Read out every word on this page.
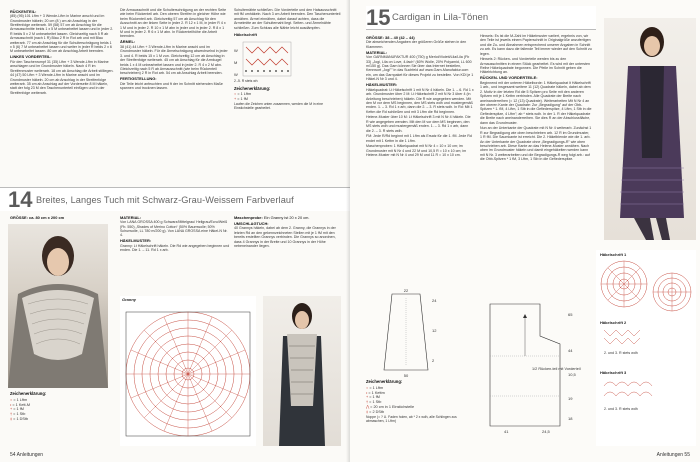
RÜCKENTEIL:

(85) (95) 101 Lftm + 3 Wende-Lftm in Marine anschl und im Grundmuster häkeln; 20 cm (8 ) cm ab Anschlag in der Streifenfolge weiterarb. 59 (58) 57 cm ab Anschlag für die Armausschnitte beids 1 x 5 M unbearbeitet lassen und in jeder 2. R beids 5 x 2 M unbearbeitet lassen. Gleichzeitig nach 5 R ab Armausschnitt (nach 1 R) Blau 2 R in Rot arb und mit Blau weiterarb. 77 cm ab Anschlag für die Schulterschrägung beids 1 x 5 (6) 7 M unbearbeitet lassen und weiter in jeder R beids 2 x 6 M unbearbeitet lassen. 80 cm ab Anschlag Arbeit beenden.

LINKES VORDERTEIL:

Für den Taschenrumpf 31 (35) Lftm + 3 Wende-Lftm in Marine anschlagen und im Grundmuster häkeln. Nach 4 R im Streifenmuster weiterarb. 18 cm ab Anschlag die Arbeit stilllegen. 44 (47) 50 Lftm + 3 Wende-Lftm in Marine anschl und im Grundmuster häkeln. 20 cm ab Anschlag in der Streifenfolge weiterarb. 35 cm ab Anschlag auf der Vorderseite 8 M häkeln, statt der folg 23 M den Taschenunterteil einfügen und in der Streifenfolge weiterarb.

Die Armausschnitt und die Schulterschrägung an der rechten Seite wie beim Rückenteil arb. Den oberen Streifen in gleicher Höhe wie beim Rückenteil arb. Gleichzeitig 57 cm ab Anschlag für den Ausschnitt an der linken Seite in jeder 2. R 12 x 1 M, in jeder R 4 x 1 M und in jeder 2. R 10 x 1 M abn in jeder und in jeder 2. R 8 x 1 M und in jeder 2. R 6 x 1 M abn. In Rückenteilhöhe die Arbeit beenden.

ÄRMEL:

38 (41) 44 Lftm + 3 Wende-Lftm in Marine anschl und im Grundmuster häkeln. Für die Ärmelschrägung abwechselnd in jeder 3. und 4. R beids 15 x 1 M zun. Gleichzeitig 12 cm ab Anschlag in der Streifenfolge weiterarb. 45 cm ab Anschlag für die Armkugel beids 1 x 4 M unbearbeitet lassen und in jeder 2. R 4 x 2 M abn. Gleichzeitig nach 5 R ab Armausschnitt (wie beim Rückenteil beschrieben) 2 R in Rot arb. 54 cm ab Anschlag Arbeit beenden.

FERTIGSTELLUNG:

Die Teile leicht anfeuchten und ft der im Schnitt stehenden Maße spannen und trocknen lassen.

Schulternähte schließen. Die Vorderteile und den Halsausschnitt mit fM umhäkeln. Nach 3 cm Arbeit beenden. Den Taschenunterteil annähen. Ärmel einnähen, dabei darauf achten, dass die Ärmelmitte an der Schulternaht liegt. Seiten- und Ärmelnähte schließen. Zum Schluss alle Nähte leicht ausdämpfen.

Häkelschrift
W
M
W
2.-5. R stets wh
Zeichenerklärung:
○ = 1 Lftm
+ = 1 fM
Laufen die Zeichen unten zusammen, werden die M in eine Einstichstelle gearbeitet.
14 Breites, Langes Tuch mit Schwarz-Grau-Weissem Farbverlauf
GRÖSSE: ca. 80 cm x 200 cm
Zeichenerklärung:
○ = 1 Lftm
• = 1 Kett-M
+ = 1 fM
† = 1 Stb
‡ = 1 DStb
MATERIAL:

Von LANA GROSSA 400 g Schwarz/Mittelgrau/ Hellgrau/Ecru/Weiß (Fb. 550) „Shades of Merino Cotton“ (50% Baumwolle; 50% Schurwolle, LL 780 m/200 g). Von LANA GROSSA eine Häkel-N Nr. 4.

HÄKELMUSTER:

Granny: Lt Häkelschrift häkeln. Die Rd wie angegeben beginnen und enden. Die 1. – 11. Rd 1 x arb.

Granny
Maschenprobe: Ein Granny ist 20 x 20 cm.
UMSCHLAGTUCH:

40 Grannys häkeln, dabei ab dem 2. Granny, die Grannys in der letzten Rd an den gekennzeichneten Stellen mit je 1 fM mit den bereits erstellten Grannys verbinden. Die Grannys so anordnen, dass 4 Grannys in der Breite und 10 Grannys in der Höhe nebeneinander liegen.

54 Anleitungen
GRÖSSE: 38 – 40 (42 – 44)

Die abweichenden Angaben der größeren Größe stehen in den Klammern.

MATERIAL:

Von GARNMANUFAKTUR 400 (750) g Merlot/Violett/Lila/Lila (Fb 33) „Jogi, Lila on Love, 4-fach“ (60% Wolle, 20% Polyamid, LL 600 m/150 g). Das Garn können Sie über das Internet bestellen, Kennwort „Jogi"" in das Suchfeld auf www.Garn-Manufaktur.com ein, um das Garnpaket für dieses Projekt zu bestellen. Von KDI je 1 Häkel-N Nr 3 und 4.

HÄKELMUSTER:

Häkelquadrat: Lt Häkelschrift 1 mit N Nr 4 häkeln. Die 1. – 6. Rd 1 x arb. Grundmuster über 2 M: Lt Häkelschrift 2 mit N Nr 3 über 4 (in Anleitung beschrieben) häkeln. Die R wie angegeben wenden. Mit den M vor dem MS beginnen, den MS stets wdh und mustergemäß enden. 1. – 3. Rd 1 x arb, dann die 2. – 3. R stets wdh. In Rd: Mit 1 Kettm die Rd schließen und mit 3 Lftm die Rd beginnen.

Helene-Muster über 10 M: Lt Häkelschrift 3 mit N Nr 4 häkeln. Die R wie angegeben wenden. Mit den M vor dem MS beginnen, den MS stets wdh und mustergemäß enden. 1. – 3. Rd 1 x arb, dann die 2. – 3. R stets wdh.

FM: Jede R/Rd beginnt mit 1 Lftm als Ersatz für die 1. fM. Jede Rd endet mit 1 Kettm in die 1 Lftm.

Maschenproben: 1 Häkelquadrat mit N Nr 4 = 10 x 10 cm; im Grundmuster mit N Nr 4 und 22 M und 10,5 R = 10 x 10 cm; im Helene-Muster mit N Nr 4 und 29 M und 11 R = 10 x 10 cm.

22
24
12
2
50
Zeichenerklärung:
○ = 1 Lftm
• = 1 Kettm
+ = 1 fM
† = 1 Stb
⋀ = 20 cm in 1 Einstichstelle
‡ = 2 DStb
Noppe (= ? U. Faden holen, ab * 2 x wdh, alle Schlingen zus abmaschen, 1 Lftm)
1/2 Rücken-teil mit Vorderteil
65
44
10,5
19
18
41	24,5
15 Cardigan in Lila-Tönen

Hinweis: Es ist die M-Zahl im Häkelmuster variiert, ergebnis von, wir den Teile ist jeweils einem Papierschnitt in Originalgröße anzufertigen und die Zu- und Abnahmen entsprechend unserer Angaben in Schnitt zu arb. Es kann dazu die fallende Teil immer wieder auf den Schnitt zu legen.

Hinweis 2: Rücken- und Vorderteile werden bis zu den Armausschnitten in einem Stück gearbeitet. Es wird mit der untersten Reihe Häkelquadrate begonnen. Die Pfeile im Schnitt geben die Häkelrichtung an.

RÜCKEN- UND VORDERTEILE:

Beginnend mit der unteren Häkelborde: 1 Häkelquadrat lt Häkelschrift 1 arb., und insgesamt weitere 11 (12) Quadrate häkeln, dabei ab dem 2. Motiv in der letzten Rd die 5 Spitzen pro Seite mit den anderen Spitzen mit je 1 Kettm verbinden. Alle Quadrate der Breite nach aneinanderreihen (= 12 (13) Quadrate). Weiterarbeiten Mit N Nr 4 an der oberen Kante der Quadrate: Zur „Begradigung" auf der Obb-Spitzen * 1. fM, 4 Lftm, 1 Stb in die Gefiederspitze, 4 Lftm, 1 Stb in die Gefiederspitze, 4 Lftm"; ab * stets wdh. In der 1. R der Häkelquadrate die Breite nach aneinanderreihen. Sie dies R an der Abschlussfläche, dann das Grundmuster.

Nun an der Unterkante der Quadrate mit N Nr 4 weiterarb. Zunächst 1 R zur Begradigung wie oben beschrieben arb. 12 R im Grundmuster, 1 R fM. Die Saumkante ist erreicht. Die 2. Häkelblende wie die 1. arb. An der Unterkante der Quadrate ohne „Begradigungs-R" wie oben beschrieben arb. Diese Kante an das Helene-Muster annähen. Nach oben im Grundmuster häkeln und damit eingehäkelten werden kann mit N Nr. 3 weiterarbeiten und die Begradigungs-R weg folgt arb.: auf die Obb-Spitzen * 1 fM, 3 Lftm, 1 Stb in die Gefiederspitze.

Häkelschrift 1
Häkelschrift 2
2. und 3. R stets wdh
Häkelschrift 3
2. und 3. R stets wdh
Anleitungen 55
